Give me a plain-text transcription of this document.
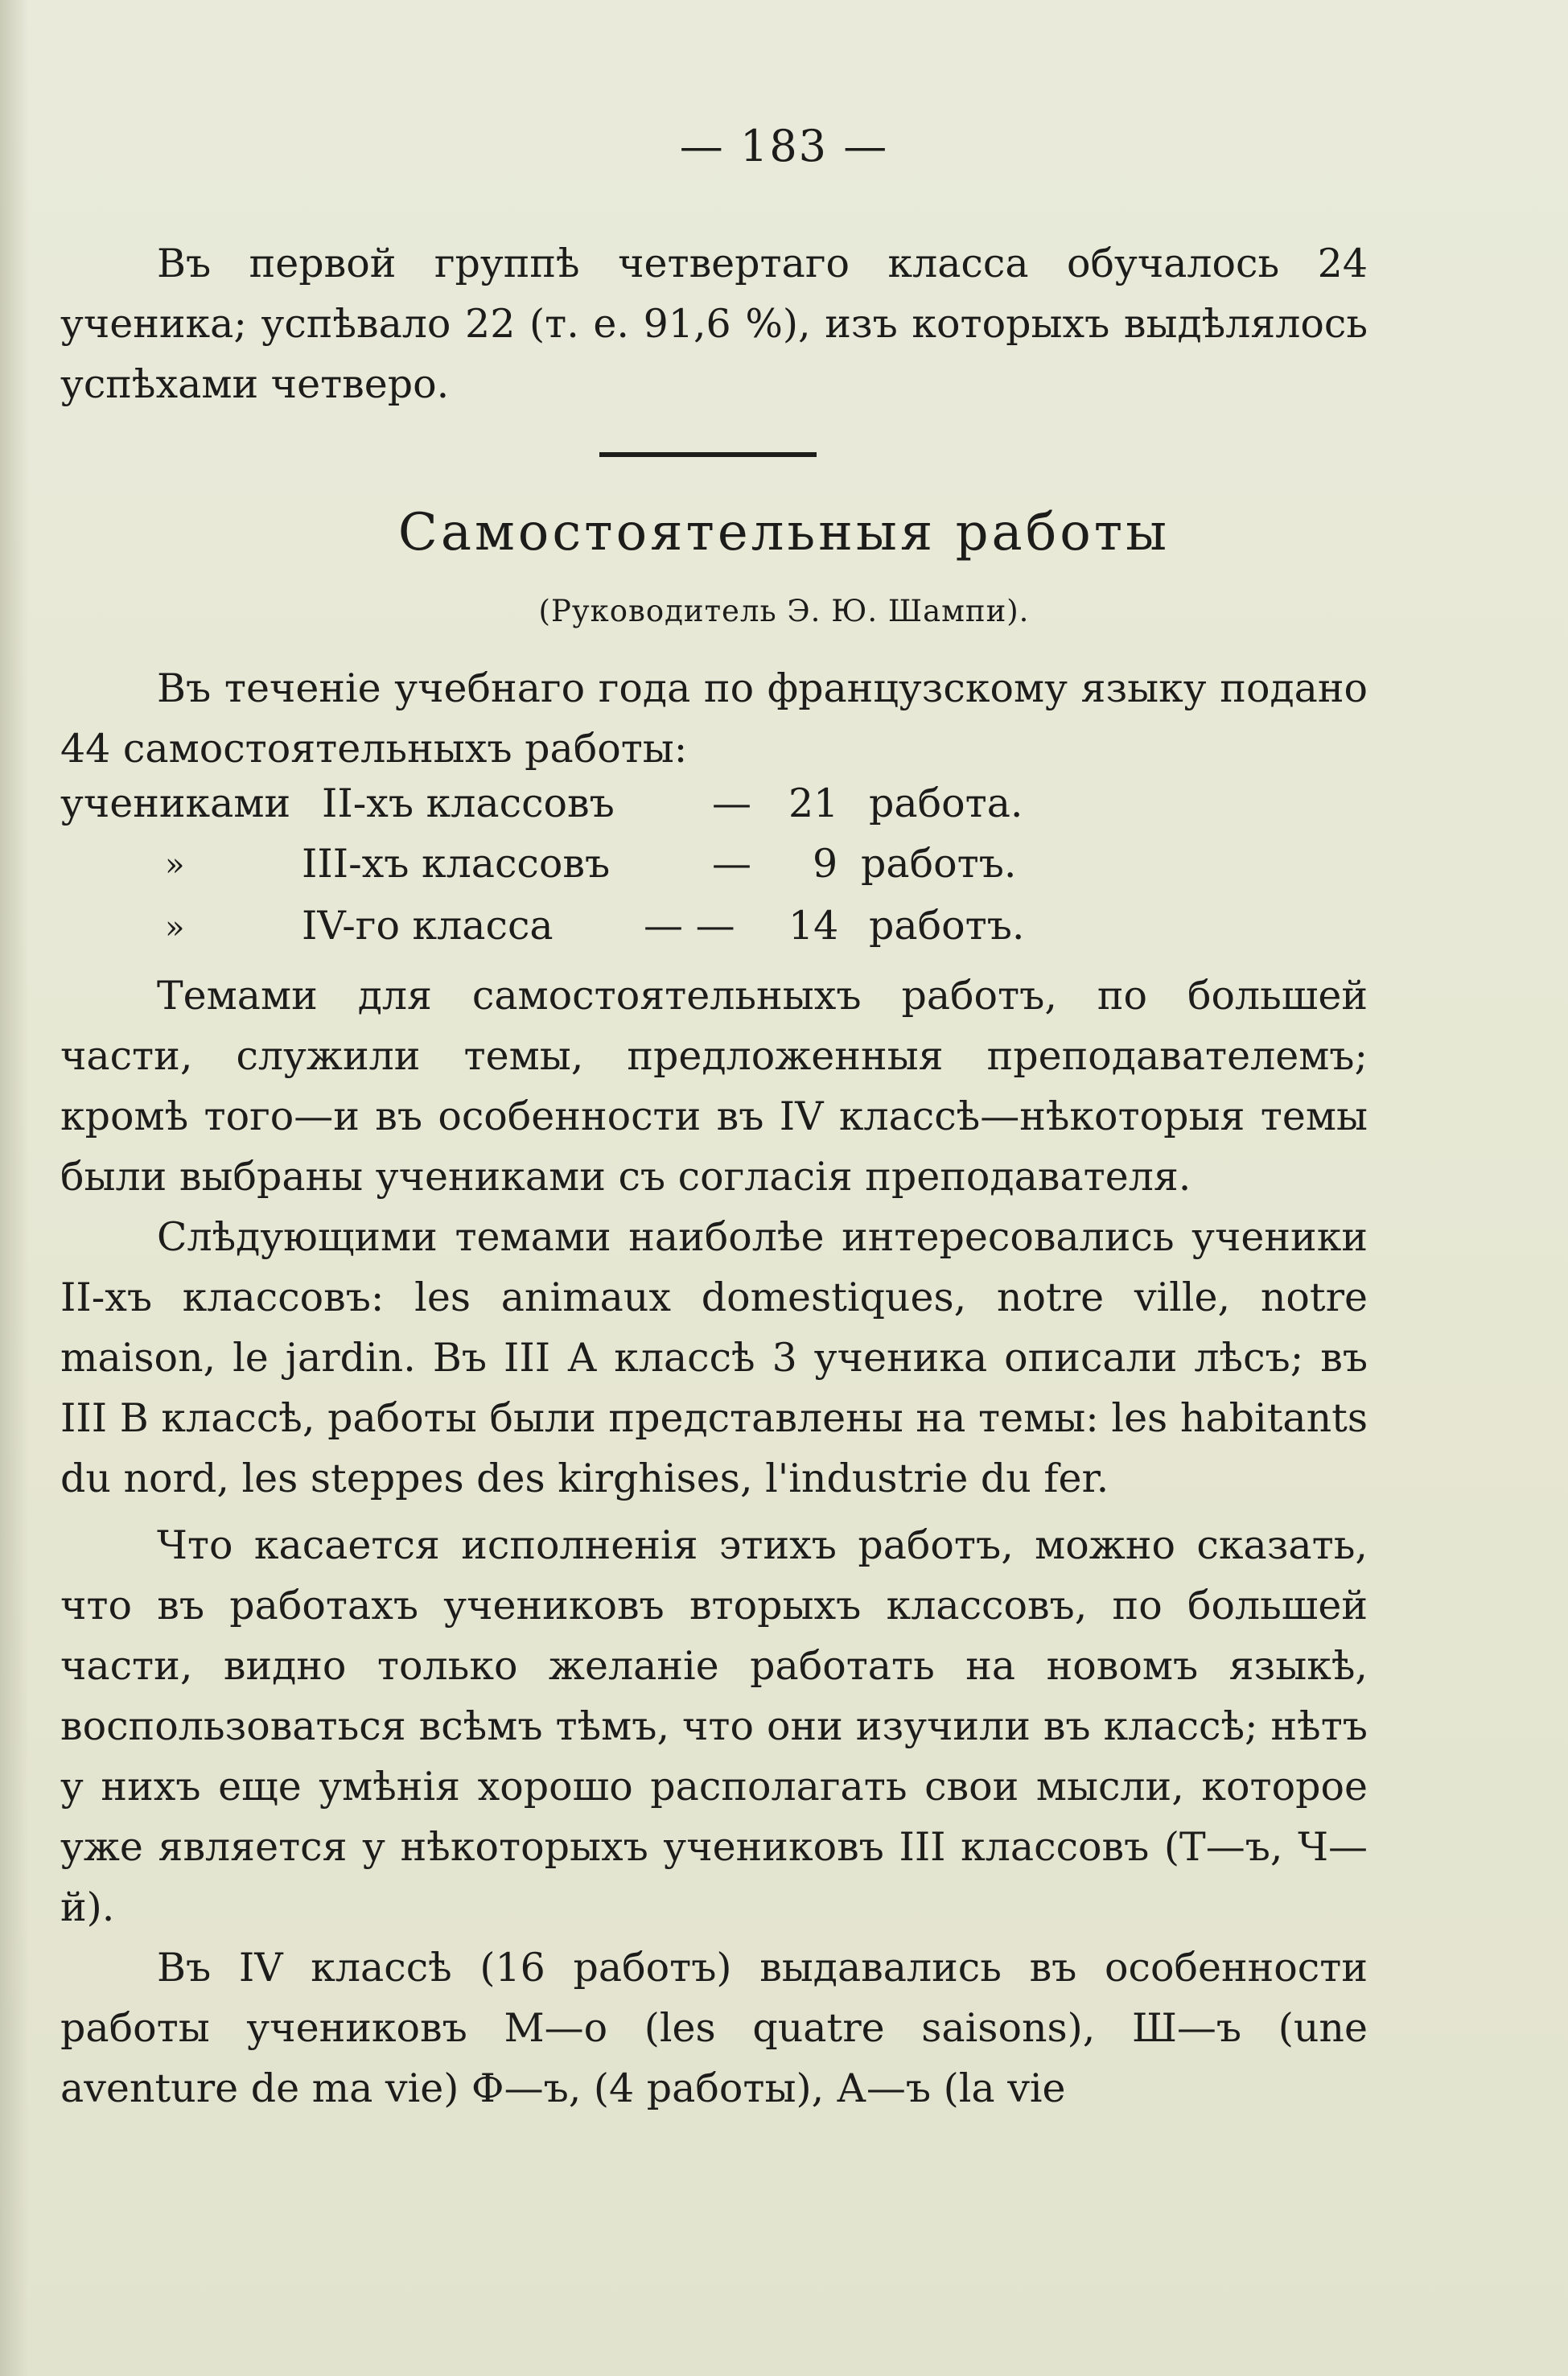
— 183 —

Въ первой группѣ четвертаго класса обучалось 24 ученика; успѣвало 22 (т. е. 91,6 %), изъ которыхъ выдѣлялось успѣхами четверо.

Самостоятельныя работы
(Руководитель Э. Ю. Шампи).

Въ теченіе учебнаго года по французскому языку подано 44 самостоятельныхъ работы:

учениками II-хъ классовъ — 21 работа.
»	III-хъ классовъ	— 9 работъ.
»	IV-го класса — — 14 работъ.

Темами для самостоятельныхъ работъ, по большей части, служили темы, предложенныя преподавателемъ; кромѣ того—и въ особенности въ IV классѣ—нѣкоторыя темы были выбраны учениками съ согласія преподавателя.

Слѣдующими темами наиболѣе интересовались ученики II-хъ классовъ: les animaux domestiques, notre ville, notre maison, le jardin. Въ III А классѣ 3 ученика описали лѣсъ; въ III В классѣ, работы были представлены на темы: les habitants du nord, les steppes des kirghises, l'industrie du fer.

Что касается исполненія этихъ работъ, можно сказать, что въ работахъ учениковъ вторыхъ классовъ, по большей части, видно только желаніе работать на новомъ языкѣ, воспользоваться всѣмъ тѣмъ, что они изучили въ классѣ; нѣтъ у нихъ еще умѣнія хорошо располагать свои мысли, которое уже является у нѣкоторыхъ учениковъ III классовъ (Т—ъ, Ч—й).

Въ IV классѣ (16 работъ) выдавались въ особенности работы учениковъ М—о (les quatre saisons), Ш—ъ (une aventure de ma vie) Ф—ъ, (4 работы), А—ъ (la vie
